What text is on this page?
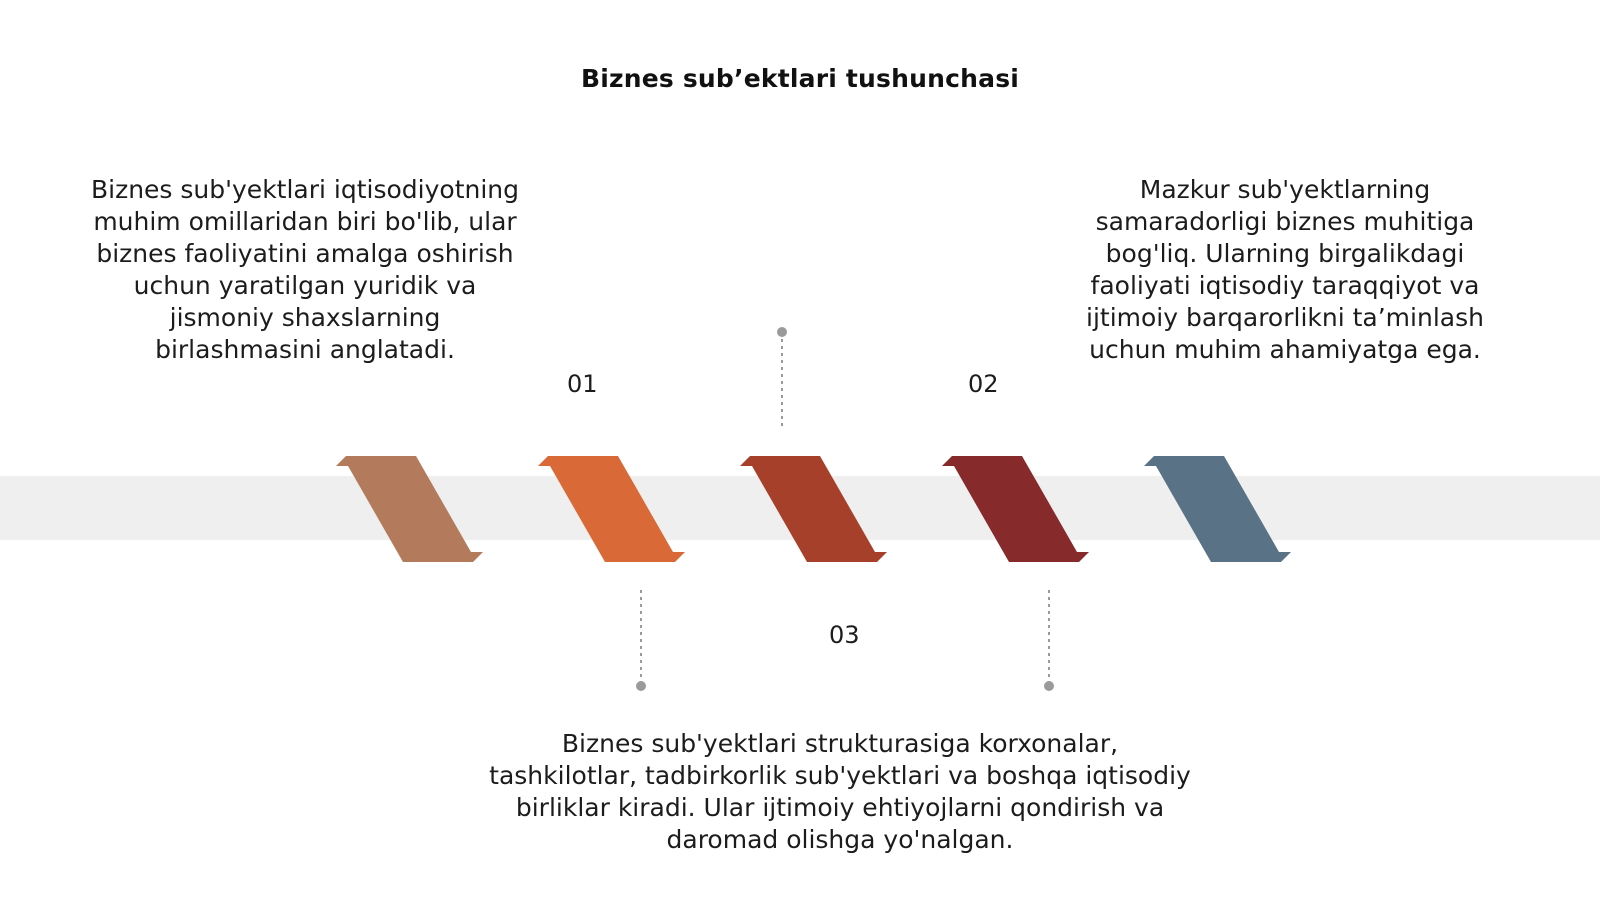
Biznes sub’ektlari tushunchasi
Biznes sub'yektlari iqtisodiyotning
muhim omillaridan biri bo'lib, ular
biznes faoliyatini amalga oshirish
uchun yaratilgan yuridik va
jismoniy shaxslarning
birlashmasini anglatadi.
Mazkur sub'yektlarning
samaradorligi biznes muhitiga
bog'liq. Ularning birgalikdagi
faoliyati iqtisodiy taraqqiyot va
ijtimoiy barqarorlikni ta’minlash
uchun muhim ahamiyatga ega.
Biznes sub'yektlari strukturasiga korxonalar,
tashkilotlar, tadbirkorlik sub'yektlari va boshqa iqtisodiy
birliklar kiradi. Ular ijtimoiy ehtiyojlarni qondirish va
daromad olishga yo'nalgan.
01	02
03
